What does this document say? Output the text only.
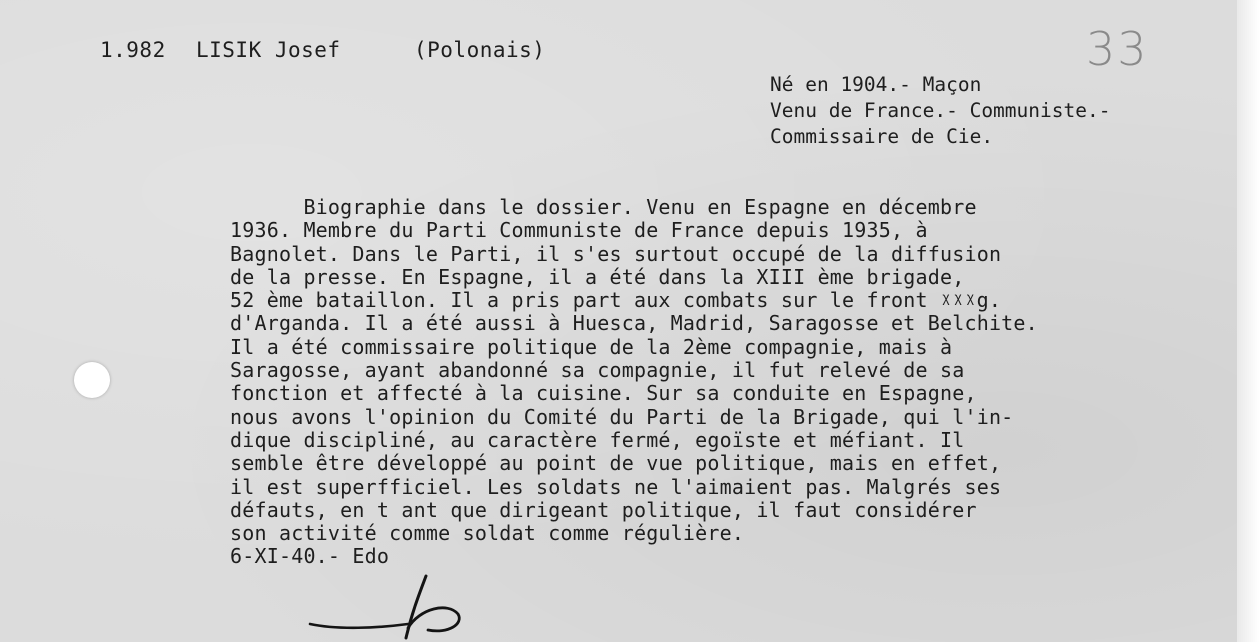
1.982 LISIK Josef	(Polonais)	33
Né en 1904.- Maçon
Venu de France.- Communiste.-
Commissaire de Cie.
Biographie dans le dossier. Venu en Espagne en décembre
1936. Membre du Parti Communiste de France depuis 1935, à
Bagnolet. Dans le Parti, il s'es surtout occupé de la diffusion
de la presse. En Espagne, il a été dans la XIII ème brigade,
52 ème bataillon. Il a pris part aux combats sur le front ᵡᵡᵡg.
d'Arganda. Il a été aussi à Huesca, Madrid, Saragosse et Belchite.
Il a été commissaire politique de la 2ème compagnie, mais à
Saragosse, ayant abandonné sa compagnie, il fut relevé de sa
fonction et affecté à la cuisine. Sur sa conduite en Espagne,
nous avons l'opinion du Comité du Parti de la Brigade, qui l'in-
dique discipliné, au caractère fermé, egoïste et méfiant. Il
semble être développé au point de vue politique, mais en effet,
il est superfficiel. Les soldats ne l'aimaient pas. Malgrés ses
défauts, en t ant que dirigeant politique, il faut considérer
son activité comme soldat comme régulière.
6-XI-40.- Edo
